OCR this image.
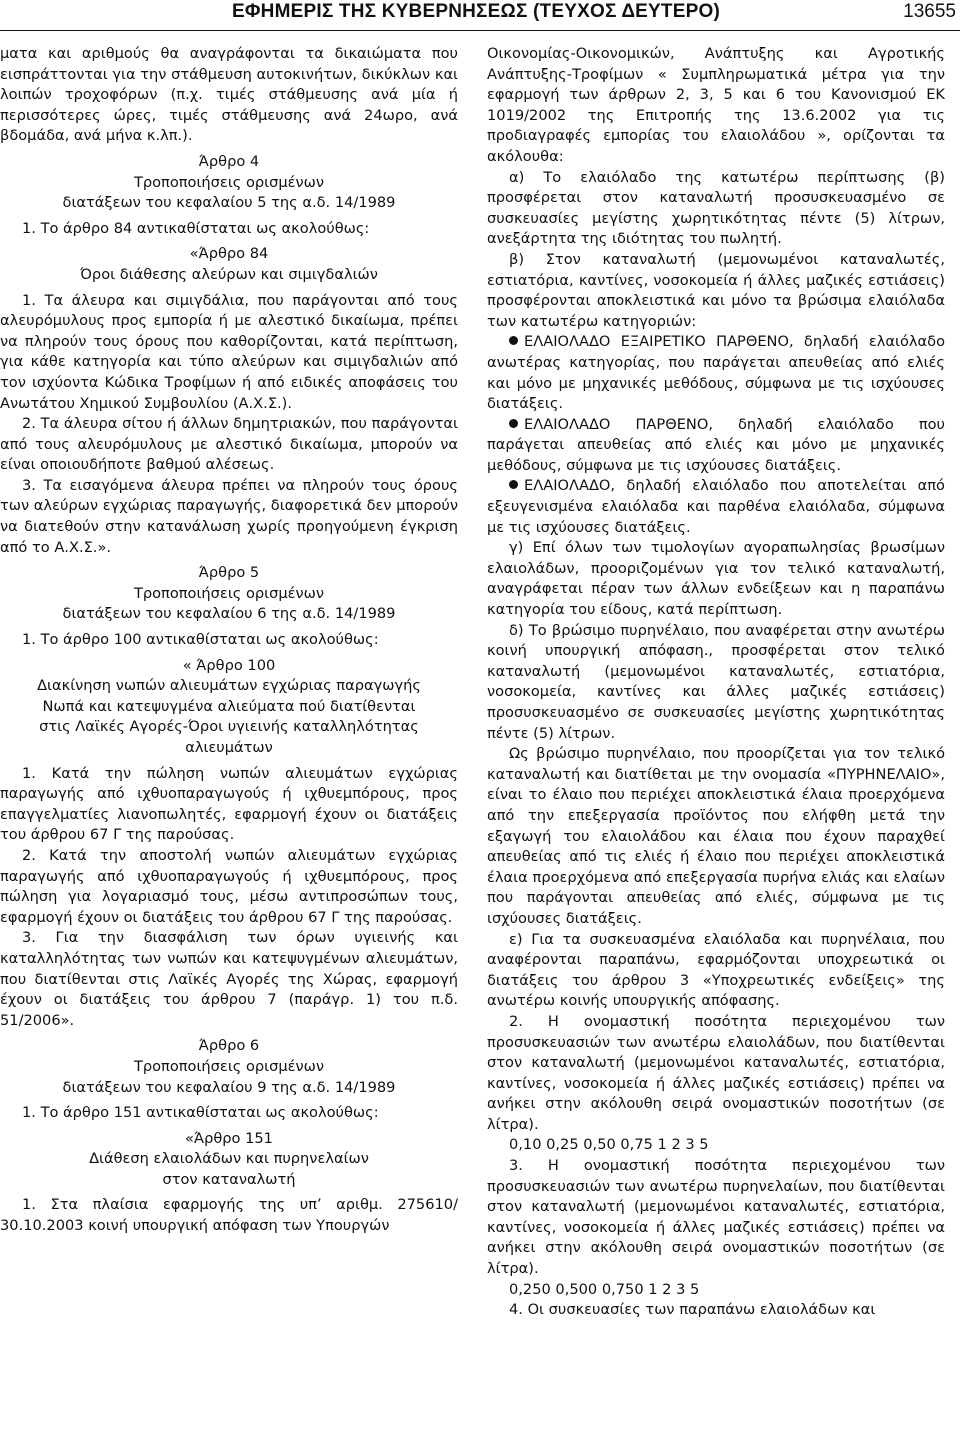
ΕΦΗΜΕΡΙΣ ΤΗΣ ΚΥΒΕΡΝΗΣΕΩΣ (ΤΕΥΧΟΣ ΔΕΥΤΕΡΟ)	13655

ματα και αριθμούς θα αναγράφονται τα δικαιώματα που εισπράττονται για την στάθμευση αυτοκινήτων, δικύκλων και λοιπών τροχοφόρων (π.χ. τιμές στάθμευσης ανά μία ή περισσότερες ώρες, τιμές στάθμευσης ανά 24ωρο, ανά βδομάδα, ανά μήνα κ.λπ.).

Άρθρο 4

Τροποποιήσεις ορισμένων

διατάξεων του κεφαλαίου 5 της α.δ. 14/1989

1. Το άρθρο 84 αντικαθίσταται ως ακολούθως:

«Άρθρο 84

Όροι διάθεσης αλεύρων και σιμιγδαλιών

1. Τα άλευρα και σιμιγδάλια, που παράγονται από τους αλευρόμυλους προς εμπορία ή με αλεστικό δικαίωμα, πρέπει να πληρούν τους όρους που καθορίζονται, κατά περίπτωση, για κάθε κατηγορία και τύπο αλεύρων και σιμιγδαλιών από τον ισχύοντα Κώδικα Τροφίμων ή από ειδικές αποφάσεις του Ανωτάτου Χημικού Συμβουλίου (Α.Χ.Σ.).

2. Τα άλευρα σίτου ή άλλων δημητριακών, που παράγονται από τους αλευρόμυλους με αλεστικό δικαίωμα, μπορούν να είναι οποιουδήποτε βαθμού αλέσεως.

3. Τα εισαγόμενα άλευρα πρέπει να πληρούν τους όρους των αλεύρων εγχώριας παραγωγής, διαφορετικά δεν μπορούν να διατεθούν στην κατανάλωση χωρίς προηγούμενη έγκριση από το Α.Χ.Σ.».

Άρθρο 5

Τροποποιήσεις ορισμένων

διατάξεων του κεφαλαίου 6 της α.δ. 14/1989

1. Το άρθρο 100 αντικαθίσταται ως ακολούθως:

« Άρθρο 100

Διακίνηση νωπών αλιευμάτων εγχώριας παραγωγής

Νωπά και κατεψυγμένα αλιεύματα πού διατίθενται

στις Λαϊκές Αγορές-Όροι υγιεινής καταλληλότητας

αλιευμάτων

1. Κατά την πώληση νωπών αλιευμάτων εγχώριας παραγωγής από ιχθυοπαραγωγούς ή ιχθυεμπόρους, προς επαγγελματίες λιανοπωλητές, εφαρμογή έχουν οι διατάξεις του άρθρου 67 Γ της παρούσας.

2. Κατά την αποστολή νωπών αλιευμάτων εγχώριας παραγωγής από ιχθυοπαραγωγούς ή ιχθυεμπόρους, προς πώληση για λογαριασμό τους, μέσω αντιπροσώπων τους, εφαρμογή έχουν οι διατάξεις του άρθρου 67 Γ της παρούσας.

3. Για την διασφάλιση των όρων υγιεινής και καταλληλότητας των νωπών και κατεψυγμένων αλιευμάτων, που διατίθενται στις Λαϊκές Αγορές της Χώρας, εφαρμογή έχουν οι διατάξεις του άρθρου 7 (παράγρ. 1) του π.δ. 51/2006».

Άρθρο 6

Τροποποιήσεις ορισμένων

διατάξεων του κεφαλαίου 9 της α.δ. 14/1989

1. Το άρθρο 151 αντικαθίσταται ως ακολούθως:

«Άρθρο 151

Διάθεση ελαιολάδων και πυρηνελαίων

στον καταναλωτή

1. Στα πλαίσια εφαρμογής της υπ’ αριθμ. 275610/ 30.10.2003 κοινή υπουργική απόφαση των Υπουργών

Οικονομίας-Οικονομικών, Ανάπτυξης και Αγροτικής Ανάπτυξης-Τροφίμων « Συμπληρωματικά μέτρα για την εφαρμογή των άρθρων 2, 3, 5 και 6 του Κανονισμού ΕΚ 1019/2002 της Επιτροπής της 13.6.2002 για τις προδιαγραφές εμπορίας του ελαιολάδου », ορίζονται τα ακόλουθα:

α) Το ελαιόλαδο της κατωτέρω περίπτωσης (β) προσφέρεται στον καταναλωτή προσυσκευασμένο σε συσκευασίες μεγίστης χωρητικότητας πέντε (5) λίτρων, ανεξάρτητα της ιδιότητας του πωλητή.

β) Στον καταναλωτή (μεμονωμένοι καταναλωτές, εστιατόρια, καντίνες, νοσοκομεία ή άλλες μαζικές εστιάσεις) προσφέρονται αποκλειστικά και μόνο τα βρώσιμα ελαιόλαδα των κατωτέρω κατηγοριών:

ΕΛΑΙΟΛΑΔΟ ΕΞΑΙΡΕΤΙΚΟ ΠΑΡΘΕΝΟ, δηλαδή ελαιόλαδο ανωτέρας κατηγορίας, που παράγεται απευθείας από ελιές και μόνο με μηχανικές μεθόδους, σύμφωνα με τις ισχύουσες διατάξεις.

ΕΛΑΙΟΛΑΔΟ ΠΑΡΘΕΝΟ, δηλαδή ελαιόλαδο που παράγεται απευθείας από ελιές και μόνο με μηχανικές μεθόδους, σύμφωνα με τις ισχύουσες διατάξεις.

ΕΛΑΙΟΛΑΔΟ, δηλαδή ελαιόλαδο που αποτελείται από εξευγενισμένα ελαιόλαδα και παρθένα ελαιόλαδα, σύμφωνα με τις ισχύουσες διατάξεις.

γ) Επί όλων των τιμολογίων αγοραπωλησίας βρωσίμων ελαιολάδων, προοριζομένων για τον τελικό καταναλωτή, αναγράφεται πέραν των άλλων ενδείξεων και η παραπάνω κατηγορία του είδους, κατά περίπτωση.

δ) Το βρώσιμο πυρηνέλαιο, που αναφέρεται στην ανωτέρω κοινή υπουργική απόφαση., προσφέρεται στον τελικό καταναλωτή (μεμονωμένοι καταναλωτές, εστιατόρια, νοσοκομεία, καντίνες και άλλες μαζικές εστιάσεις) προσυσκευασμένο σε συσκευασίες μεγίστης χωρητικότητας πέντε (5) λίτρων.

Ως βρώσιμο πυρηνέλαιο, που προορίζεται για τον τελικό καταναλωτή και διατίθεται με την ονομασία «ΠΥΡΗΝΕΛΑΙΟ», είναι το έλαιο που περιέχει αποκλειστικά έλαια προερχόμενα από την επεξεργασία προϊόντος που ελήφθη μετά την εξαγωγή του ελαιολάδου και έλαια που έχουν παραχθεί απευθείας από τις ελιές ή έλαιο που περιέχει αποκλειστικά έλαια προερχόμενα από επεξεργασία πυρήνα ελιάς και ελαίων που παράγονται απευθείας από ελιές, σύμφωνα με τις ισχύουσες διατάξεις.

ε) Για τα συσκευασμένα ελαιόλαδα και πυρηνέλαια, που αναφέρονται παραπάνω, εφαρμόζονται υποχρεωτικά οι διατάξεις του άρθρου 3 «Υποχρεωτικές ενδείξεις» της ανωτέρω κοινής υπουργικής απόφασης.

2. Η ονομαστική ποσότητα περιεχομένου των προσυσκευασιών των ανωτέρω ελαιολάδων, που διατίθενται στον καταναλωτή (μεμονωμένοι καταναλωτές, εστιατόρια, καντίνες, νοσοκομεία ή άλλες μαζικές εστιάσεις) πρέπει να ανήκει στην ακόλουθη σειρά ονομαστικών ποσοτήτων (σε λίτρα).

0,10 0,25 0,50 0,75 1 2 3 5

3. Η ονομαστική ποσότητα περιεχομένου των προσυσκευασιών των ανωτέρω πυρηνελαίων, που διατίθενται στον καταναλωτή (μεμονωμένοι καταναλωτές, εστιατόρια, καντίνες, νοσοκομεία ή άλλες μαζικές εστιάσεις) πρέπει να ανήκει στην ακόλουθη σειρά ονομαστικών ποσοτήτων (σε λίτρα).

0,250 0,500 0,750 1 2 3 5

4. Οι συσκευασίες των παραπάνω ελαιολάδων και
